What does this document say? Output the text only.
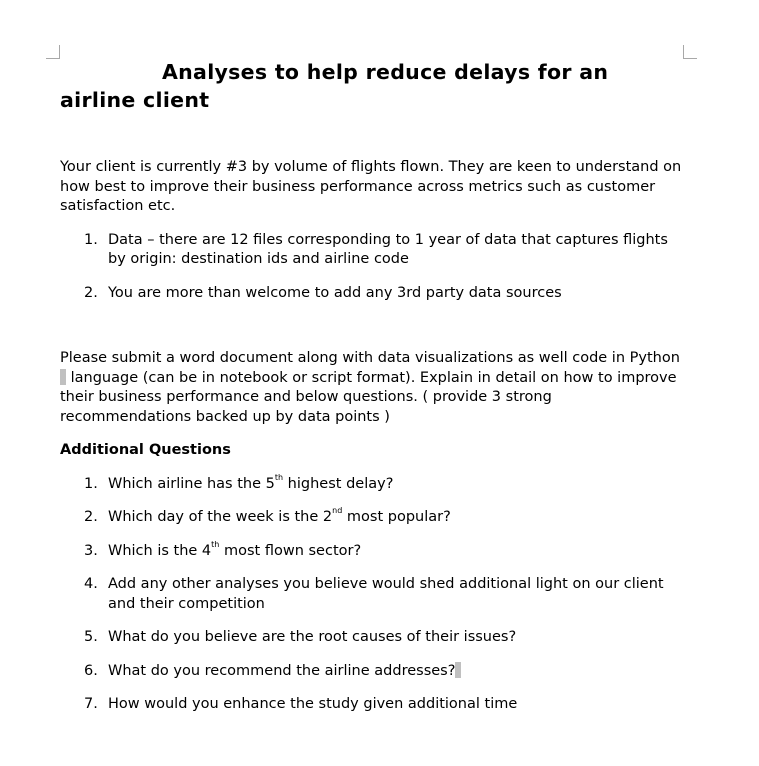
Analyses to help reduce delays for an airline client

Your client is currently #3 by volume of flights flown. They are keen to understand on how best to improve their business performance across metrics such as customer satisfaction etc.

1. Data – there are 12 files corresponding to 1 year of data that captures flights by origin: destination ids and airline code
2. You are more than welcome to add any 3rd party data sources

Please submit a word document along with data visualizations as well code in Python language (can be in notebook or script format). Explain in detail on how to improve their business performance and below questions. ( provide 3 strong recommendations backed up by data points )

Additional Questions

1. Which airline has the 5th highest delay?
2. Which day of the week is the 2nd most popular?
3. Which is the 4th most flown sector?
4. Add any other analyses you believe would shed additional light on our client and their competition
5. What do you believe are the root causes of their issues?
6. What do you recommend the airline addresses?
7. How would you enhance the study given additional time
